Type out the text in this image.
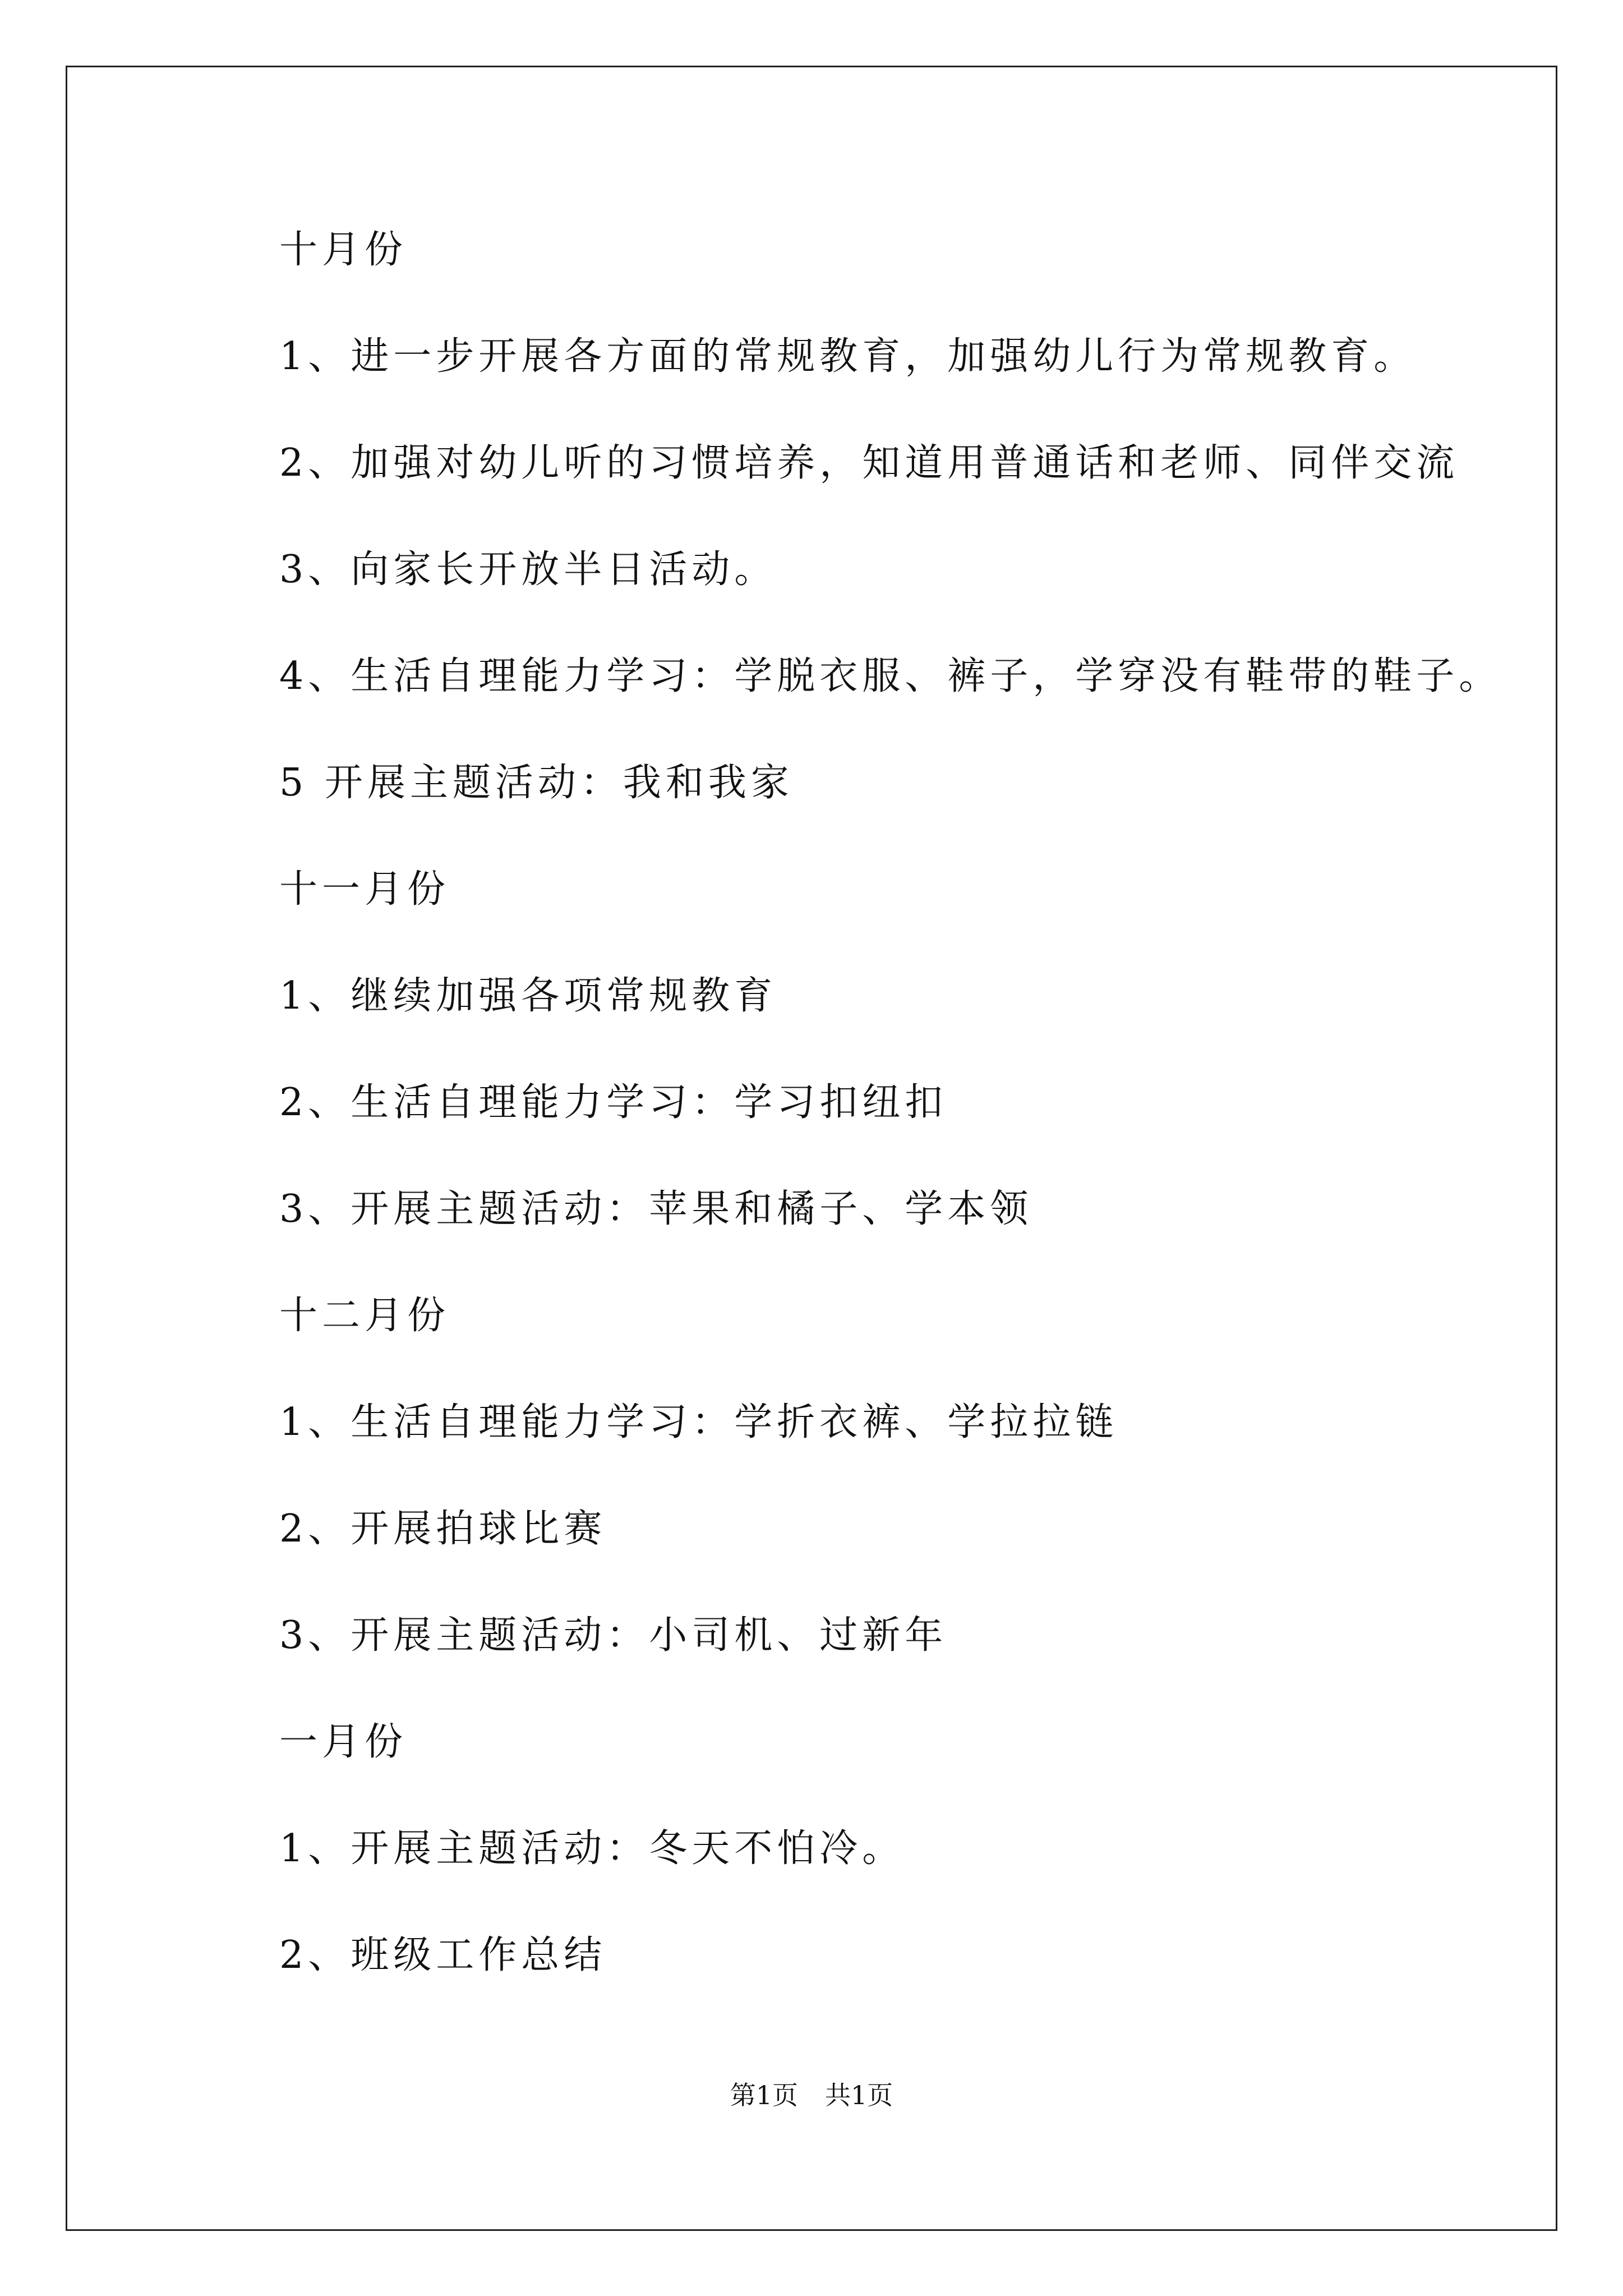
十月份
1、进一步开展各方面的常规教育，加强幼儿行为常规教育。
2、加强对幼儿听的习惯培养，知道用普通话和老师、同伴交流
3、向家长开放半日活动。
4、生活自理能力学习：学脱衣服、裤子，学穿没有鞋带的鞋子。
5 开展主题活动：我和我家
十一月份
1、继续加强各项常规教育
2、生活自理能力学习：学习扣纽扣
3、开展主题活动：苹果和橘子、学本领
十二月份
1、生活自理能力学习：学折衣裤、学拉拉链
2、开展拍球比赛
3、开展主题活动：小司机、过新年
一月份
1、开展主题活动：冬天不怕冷。
2、班级工作总结
第1页 共1页
